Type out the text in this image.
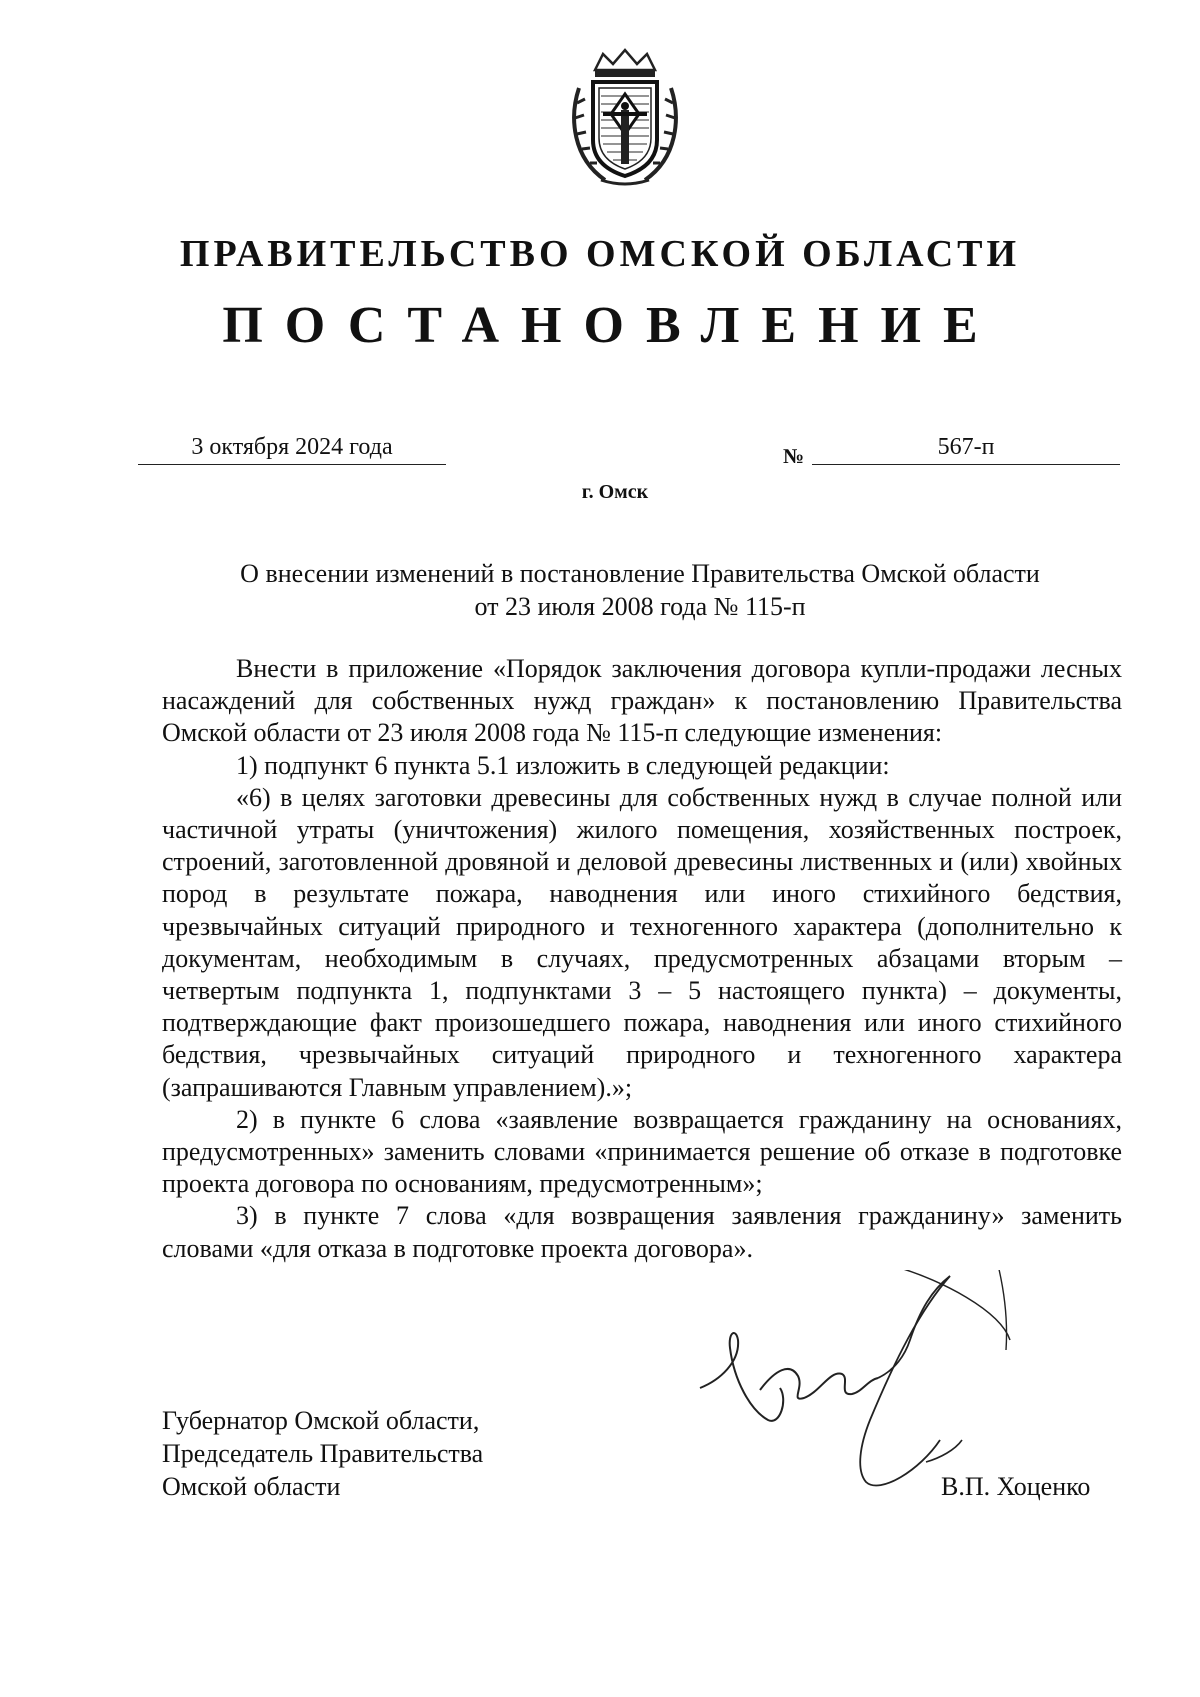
ПРАВИТЕЛЬСТВО ОМСКОЙ ОБЛАСТИ
ПОСТАНОВЛЕНИЕ
3 октября 2024 года	№	567-п
г. Омск
О внесении изменений в постановление Правительства Омской области
от 23 июля 2008 года № 115-п

Внести в приложение «Порядок заключения договора купли-продажи лесных насаждений для собственных нужд граждан» к постановлению Правительства Омской области от 23 июля 2008 года № 115-п следующие изменения:

1) подпункт 6 пункта 5.1 изложить в следующей редакции:

«6) в целях заготовки древесины для собственных нужд в случае полной или частичной утраты (уничтожения) жилого помещения, хозяйственных построек, строений, заготовленной дровяной и деловой древесины лиственных и (или) хвойных пород в результате пожара, наводнения или иного стихийного бедствия, чрезвычайных ситуаций природного и техногенного характера (дополнительно к документам, необходимым в случаях, предусмотренных абзацами вторым – четвертым подпункта 1, подпунктами 3 – 5 настоящего пункта) – документы, подтверждающие факт произошедшего пожара, наводнения или иного стихийного бедствия, чрезвычайных ситуаций природного и техногенного характера (запрашиваются Главным управлением).»;

2) в пункте 6 слова «заявление возвращается гражданину на основаниях, предусмотренных» заменить словами «принимается решение об отказе в подготовке проекта договора по основаниям, предусмотренным»;

3) в пункте 7 слова «для возвращения заявления гражданину» заменить словами «для отказа в подготовке проекта договора».

Губернатор Омской области,
Председатель Правительства
Омской области	В.П. Хоценко
